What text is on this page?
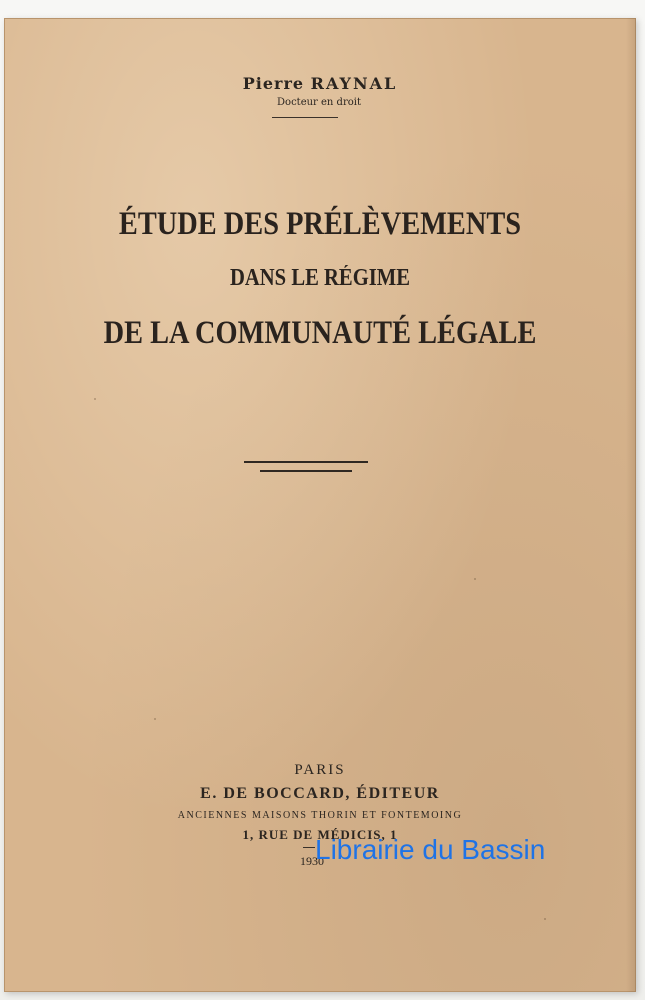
Pierre RAYNAL
Docteur en droit
ÉTUDE DES PRÉLÈVEMENTS
DANS LE RÉGIME
DE LA COMMUNAUTÉ LÉGALE
PARIS
E. DE BOCCARD, ÉDITEUR
ANCIENNES MAISONS THORIN ET FONTEMOING
1, RUE DE MÉDICIS, 1
1930
Librairie du Bassin
